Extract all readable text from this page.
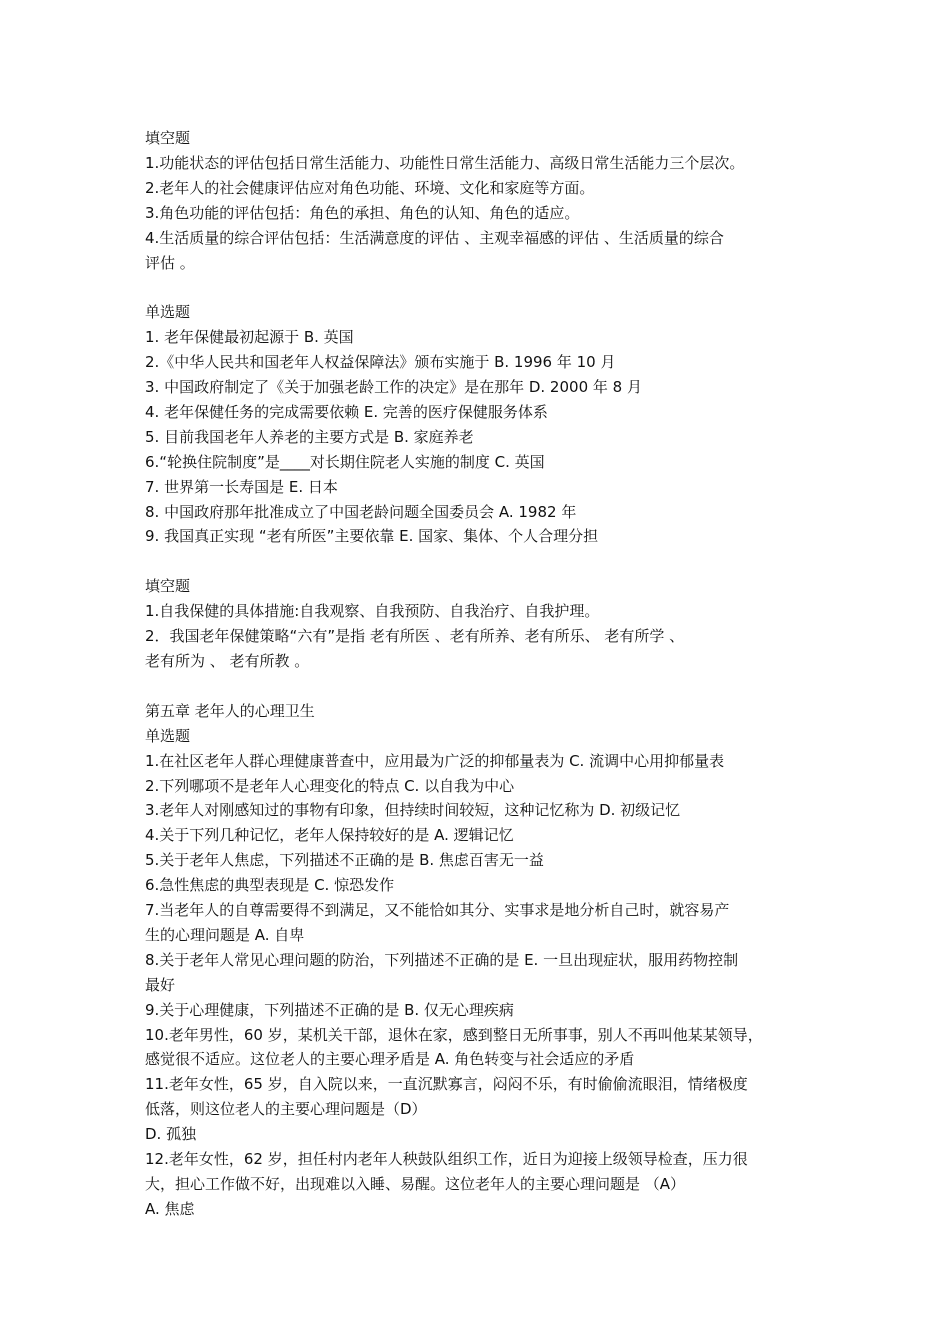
填空题
1.功能状态的评估包括日常生活能力、功能性日常生活能力、高级日常生活能力三个层次。
2.老年人的社会健康评估应对角色功能、环境、文化和家庭等方面。
3.角色功能的评估包括：角色的承担、角色的认知、角色的适应。
4.生活质量的综合评估包括：生活满意度的评估 、主观幸福感的评估 、生活质量的综合
评估 。
单选题
1. 老年保健最初起源于 B. 英国
2.《中华人民共和国老年人权益保障法》颁布实施于 B. 1996 年 10 月
3. 中国政府制定了《关于加强老龄工作的决定》是在那年 D. 2000 年 8 月
4. 老年保健任务的完成需要依赖 E. 完善的医疗保健服务体系
5. 目前我国老年人养老的主要方式是 B. 家庭养老
6.“轮换住院制度”是____对长期住院老人实施的制度 C. 英国
7. 世界第一长寿国是 E. 日本
8. 中国政府那年批准成立了中国老龄问题全国委员会 A. 1982 年
9. 我国真正实现 “老有所医”主要依靠 E. 国家、集体、个人合理分担
填空题
1.自我保健的具体措施:自我观察、自我预防、自我治疗、自我护理。
2．我国老年保健策略“六有”是指 老有所医 、老有所养、老有所乐、 老有所学 、
老有所为 、 老有所教 。
第五章 老年人的心理卫生
单选题
1.在社区老年人群心理健康普查中，应用最为广泛的抑郁量表为 C. 流调中心用抑郁量表
2.下列哪项不是老年人心理变化的特点 C. 以自我为中心
3.老年人对刚感知过的事物有印象，但持续时间较短，这种记忆称为 D. 初级记忆
4.关于下列几种记忆，老年人保持较好的是 A. 逻辑记忆
5.关于老年人焦虑，下列描述不正确的是 B. 焦虑百害无一益
6.急性焦虑的典型表现是 C. 惊恐发作
7.当老年人的自尊需要得不到满足，又不能恰如其分、实事求是地分析自己时，就容易产
生的心理问题是 A. 自卑
8.关于老年人常见心理问题的防治，下列描述不正确的是 E. 一旦出现症状，服用药物控制
最好
9.关于心理健康，下列描述不正确的是 B. 仅无心理疾病
10.老年男性，60 岁，某机关干部，退休在家，感到整日无所事事，别人不再叫他某某领导，
感觉很不适应。这位老人的主要心理矛盾是 A. 角色转变与社会适应的矛盾
11.老年女性，65 岁，自入院以来，一直沉默寡言，闷闷不乐，有时偷偷流眼泪，情绪极度
低落，则这位老人的主要心理问题是（D）
D. 孤独
12.老年女性，62 岁，担任村内老年人秧鼓队组织工作，近日为迎接上级领导检查，压力很
大，担心工作做不好，出现难以入睡、易醒。这位老年人的主要心理问题是 （A）
A. 焦虑
